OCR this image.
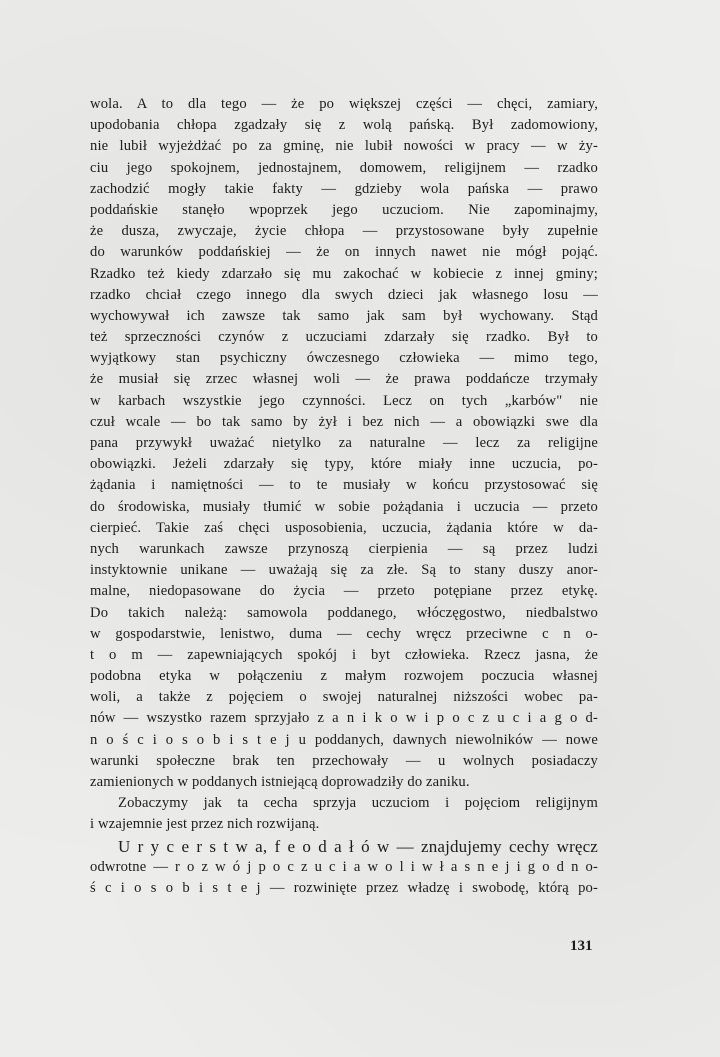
wola. A to dla tego — że po większej części — chęci, zamiary,
upodobania chłopa zgadzały się z wolą pańską. Był zadomowiony,
nie lubił wyjeżdżać po za gminę, nie lubił nowości w pracy — w ży-
ciu jego spokojnem, jednostajnem, domowem, religijnem — rzadko
zachodzić mogły takie fakty — gdzieby wola pańska — prawo
poddańskie stanęło wpoprzek jego uczuciom. Nie zapominajmy,
że dusza, zwyczaje, życie chłopa — przystosowane były zupełnie
do warunków poddańskiej — że on innych nawet nie mógł pojąć.
Rzadko też kiedy zdarzało się mu zakochać w kobiecie z innej gminy;
rzadko chciał czego innego dla swych dzieci jak własnego losu —
wychowywał ich zawsze tak samo jak sam był wychowany. Stąd
też sprzeczności czynów z uczuciami zdarzały się rzadko. Był to
wyjątkowy stan psychiczny ówczesnego człowieka — mimo tego,
że musiał się zrzec własnej woli — że prawa poddańcze trzymały
w karbach wszystkie jego czynności. Lecz on tych „karbów" nie
czuł wcale — bo tak samo by żył i bez nich — a obowiązki swe dla
pana przywykł uważać nietylko za naturalne — lecz za religijne
obowiązki. Jeżeli zdarzały się typy, które miały inne uczucia, po-
żądania i namiętności — to te musiały w końcu przystosować się
do środowiska, musiały tłumić w sobie pożądania i uczucia — przeto
cierpieć. Takie zaś chęci usposobienia, uczucia, żądania które w da-
nych warunkach zawsze przynoszą cierpienia — są przez ludzi
instyktownie unikane — uważają się za złe. Są to stany duszy anor-
malne, niedopasowane do życia — przeto potępiane przez etykę.
Do takich należą: samowola poddanego, włóczęgostwo, niedbalstwo
w gospodarstwie, lenistwo, duma — cechy wręcz przeciwne c n o-
t o m — zapewniających spokój i byt człowieka. Rzecz jasna, że
podobna etyka w połączeniu z małym rozwojem poczucia własnej
woli, a także z pojęciem o swojej naturalnej niższości wobec pa-
nów — wszystko razem sprzyjało z a n i k o w i p o c z u c i a g o d-
n o ś c i o s o b i s t e j u poddanych, dawnych niewolników — nowe
warunki społeczne brak ten przechowały — u wolnych posiadaczy
zamienionych w poddanych istniejącą doprowadziły do zaniku.
Zobaczymy jak ta cecha sprzyja uczuciom i pojęciom religijnym
i wzajemnie jest przez nich rozwijaną.
U r y c e r s t w a, f e o d a ł ó w — znajdujemy cechy wręcz
odwrotne — r o z w ó j p o c z u c i a w o l i w ł a s n e j i g o d n o-
ś c i o s o b i s t e j — rozwinięte przez władzę i swobodę, którą po-
131
